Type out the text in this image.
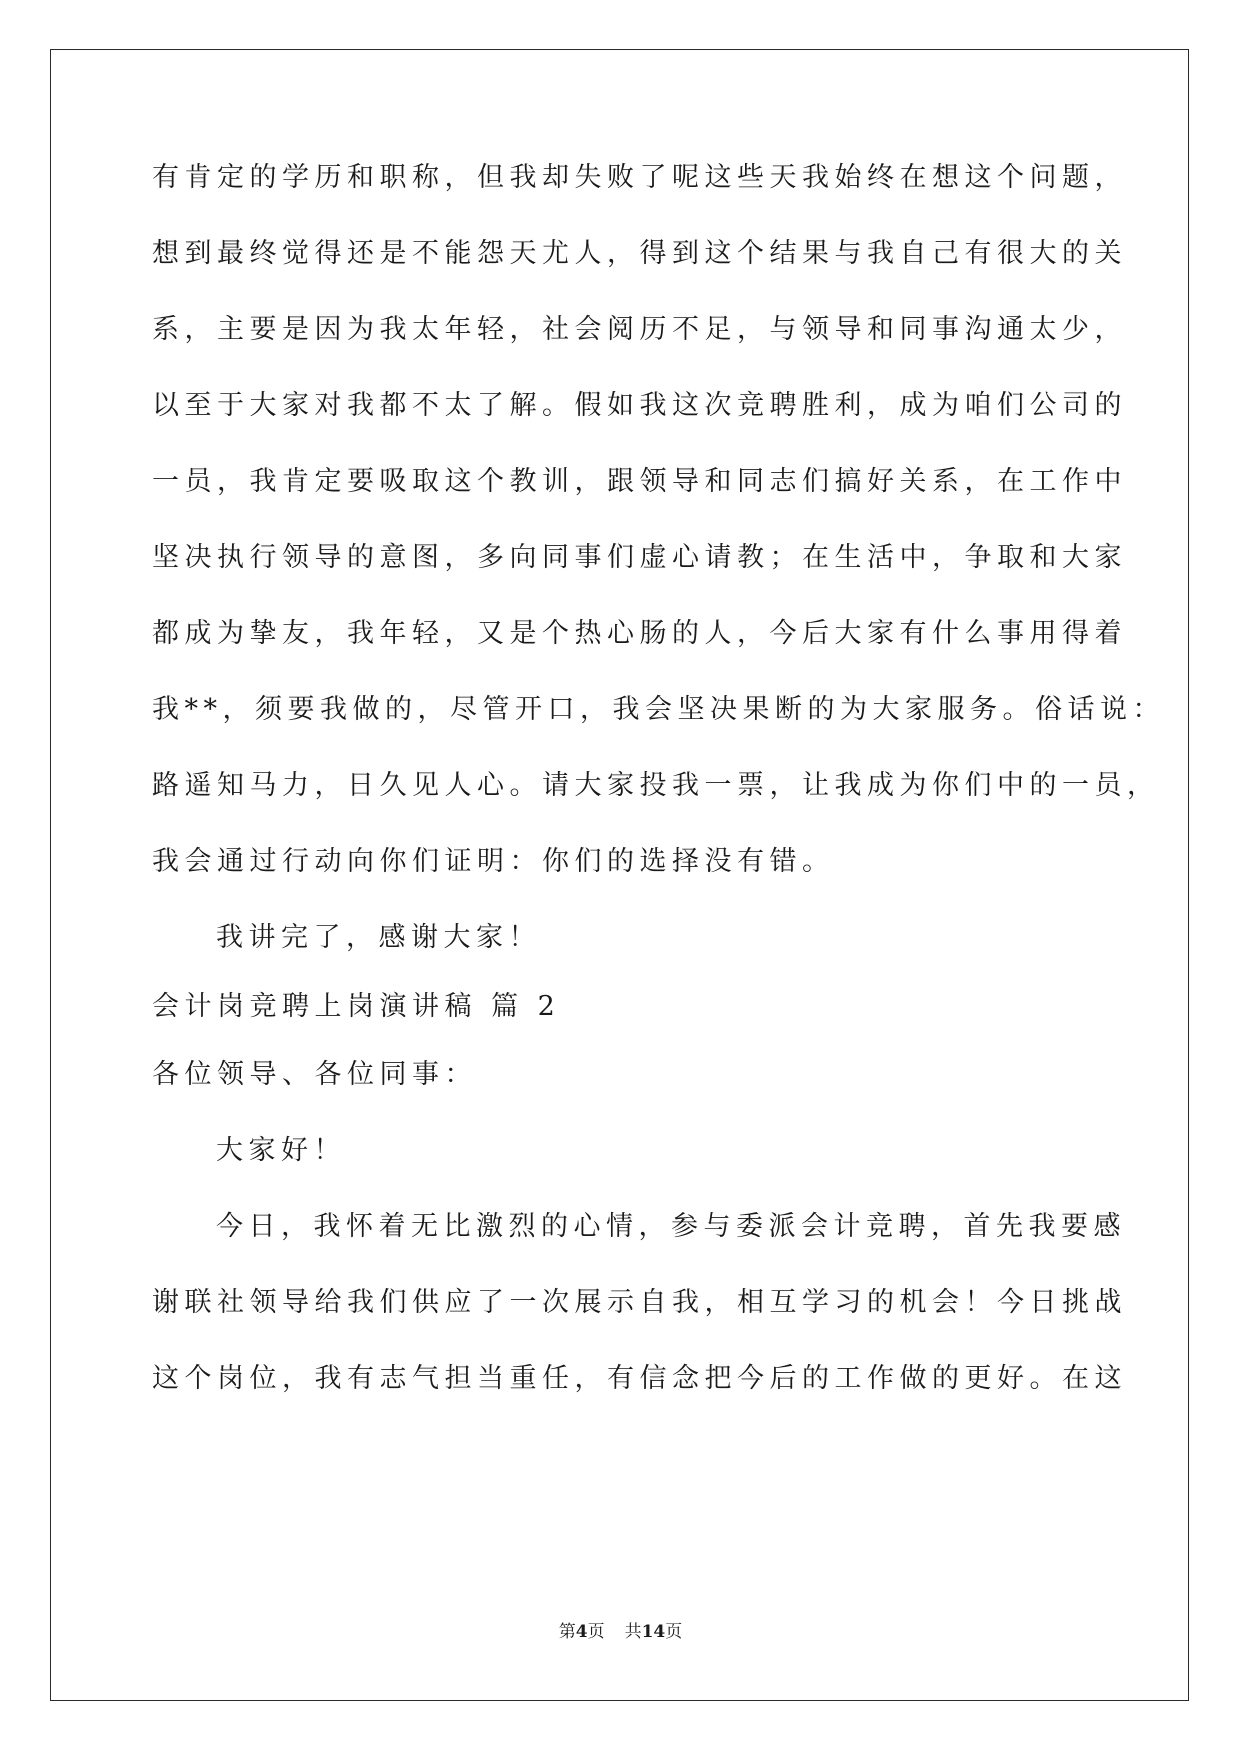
有肯定的学历和职称，但我却失败了呢这些天我始终在想这个问题，
想到最终觉得还是不能怨天尤人，得到这个结果与我自己有很大的关
系，主要是因为我太年轻，社会阅历不足，与领导和同事沟通太少，
以至于大家对我都不太了解。假如我这次竞聘胜利，成为咱们公司的
一员，我肯定要吸取这个教训，跟领导和同志们搞好关系，在工作中
坚决执行领导的意图，多向同事们虚心请教；在生活中，争取和大家
都成为挚友，我年轻，又是个热心肠的人，今后大家有什么事用得着
我**，须要我做的，尽管开口，我会坚决果断的为大家服务。俗话说：
路遥知马力，日久见人心。请大家投我一票，让我成为你们中的一员，
我会通过行动向你们证明：你们的选择没有错。
我讲完了，感谢大家！
会计岗竞聘上岗演讲稿 篇 2
各位领导、各位同事：
大家好！
今日，我怀着无比激烈的心情，参与委派会计竞聘，首先我要感
谢联社领导给我们供应了一次展示自我，相互学习的机会！今日挑战
这个岗位，我有志气担当重任，有信念把今后的工作做的更好。在这
第4页 共14页
